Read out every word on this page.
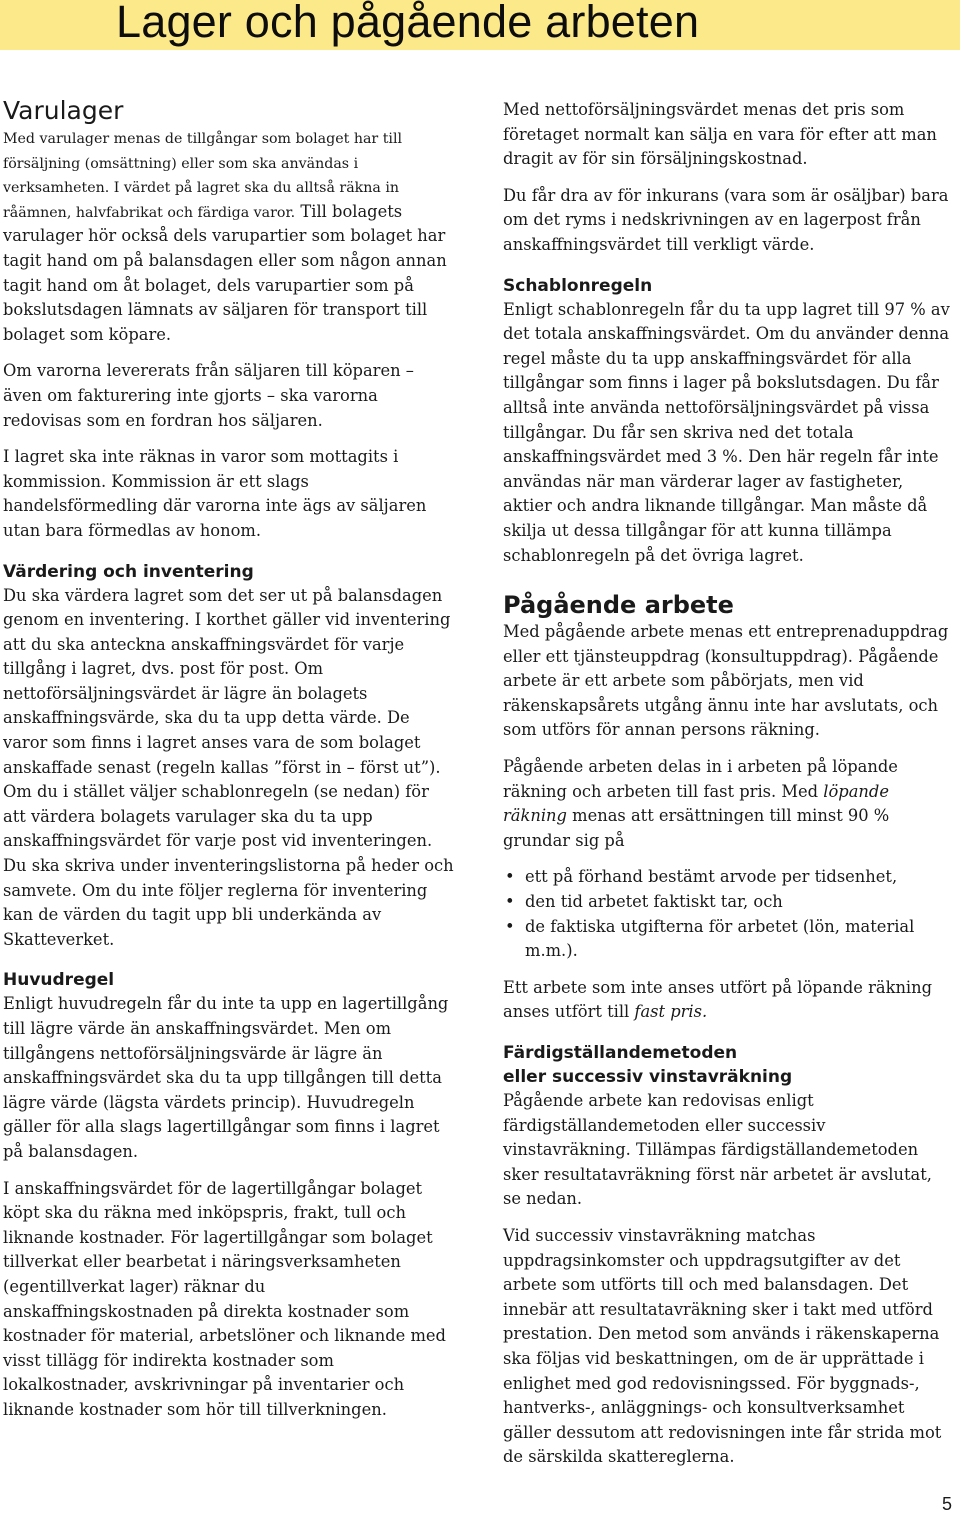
Lager och pågående arbeten
Varulager

Med varulager menas de tillgångar som bolaget har till försäljning (omsättning) eller som ska användas i verksamheten. I värdet på lagret ska du alltså räkna in råämnen, halvfabrikat och färdiga varor. Till bolagets varulager hör också dels varupartier som bolaget har tagit hand om på balansdagen eller som någon annan tagit hand om åt bolaget, dels varupartier som på bokslutsdagen lämnats av säljaren för transport till bolaget som köpare.

Om varorna levererats från säljaren till köparen – även om fakturering inte gjorts – ska varorna redovisas som en fordran hos säljaren.

I lagret ska inte räknas in varor som mottagits i kommission. Kommission är ett slags handelsförmedling där varorna inte ägs av säljaren utan bara förmedlas av honom.

Värdering och inventering

Du ska värdera lagret som det ser ut på balansdagen genom en inventering. I korthet gäller vid inventering att du ska anteckna anskaffningsvärdet för varje tillgång i lagret, dvs. post för post. Om nettoförsäljningsvärdet är lägre än bolagets anskaffningsvärde, ska du ta upp detta värde. De varor som finns i lagret anses vara de som bolaget anskaffade senast (regeln kallas ”först in – först ut”). Om du i stället väljer schablonregeln (se nedan) för att värdera bolagets varulager ska du ta upp anskaffningsvärdet för varje post vid inventeringen. Du ska skriva under inventeringslistorna på heder och samvete. Om du inte följer reglerna för inventering kan de värden du tagit upp bli underkända av Skatteverket.

Huvudregel

Enligt huvudregeln får du inte ta upp en lagertillgång till lägre värde än anskaffningsvärdet. Men om tillgångens nettoförsäljningsvärde är lägre än anskaffningsvärdet ska du ta upp tillgången till detta lägre värde (lägsta värdets princip). Huvudregeln gäller för alla slags lagertillgångar som finns i lagret på balansdagen.

I anskaffningsvärdet för de lagertillgångar bolaget köpt ska du räkna med inköpspris, frakt, tull och liknande kostnader. För lagertillgångar som bolaget tillverkat eller bearbetat i näringsverksamheten (egentillverkat lager) räknar du anskaffningskostnaden på direkta kostnader som kostnader för material, arbetslöner och liknande med visst tillägg för indirekta kostnader som lokalkostnader, avskrivningar på inventarier och liknande kostnader som hör till tillverkningen.

Med nettoförsäljningsvärdet menas det pris som företaget normalt kan sälja en vara för efter att man dragit av för sin försäljningskostnad.

Du får dra av för inkurans (vara som är osäljbar) bara om det ryms i nedskrivningen av en lagerpost från anskaffningsvärdet till verkligt värde.

Schablonregeln

Enligt schablonregeln får du ta upp lagret till 97 % av det totala anskaffningsvärdet. Om du använder denna regel måste du ta upp anskaffningsvärdet för alla tillgångar som finns i lager på bokslutsdagen. Du får alltså inte använda nettoförsäljningsvärdet på vissa tillgångar. Du får sen skriva ned det totala anskaffningsvärdet med 3 %. Den här regeln får inte användas när man värderar lager av fastigheter, aktier och andra liknande tillgångar. Man måste då skilja ut dessa tillgångar för att kunna tillämpa schablonregeln på det övriga lagret.

Pågående arbete

Med pågående arbete menas ett entreprenaduppdrag eller ett tjänsteuppdrag (konsultuppdrag). Pågående arbete är ett arbete som påbörjats, men vid räkenskapsårets utgång ännu inte har avslutats, och som utförs för annan persons räkning.

Pågående arbeten delas in i arbeten på löpande räkning och arbeten till fast pris. Med löpande räkning menas att ersättningen till minst 90 % grundar sig på

• ett på förhand bestämt arvode per tidsenhet,
• den tid arbetet faktiskt tar, och
• de faktiska utgifterna för arbetet (lön, material m.m.).

Ett arbete som inte anses utfört på löpande räkning anses utfört till fast pris.

Färdigställandemetoden
eller successiv vinstavräkning

Pågående arbete kan redovisas enligt färdigställandemetoden eller successiv vinstavräkning. Tillämpas färdigställandemetoden sker resultatavräkning först när arbetet är avslutat, se nedan.

Vid successiv vinstavräkning matchas uppdragsinkomster och uppdragsutgifter av det arbete som utförts till och med balansdagen. Det innebär att resultatavräkning sker i takt med utförd prestation. Den metod som används i räkenskaperna ska följas vid beskattningen, om de är upprättade i enlighet med god redovisningssed. För byggnads-, hantverks-, anläggnings- och konsultverksamhet gäller dessutom att redovisningen inte får strida mot de särskilda skattereglerna.

5
